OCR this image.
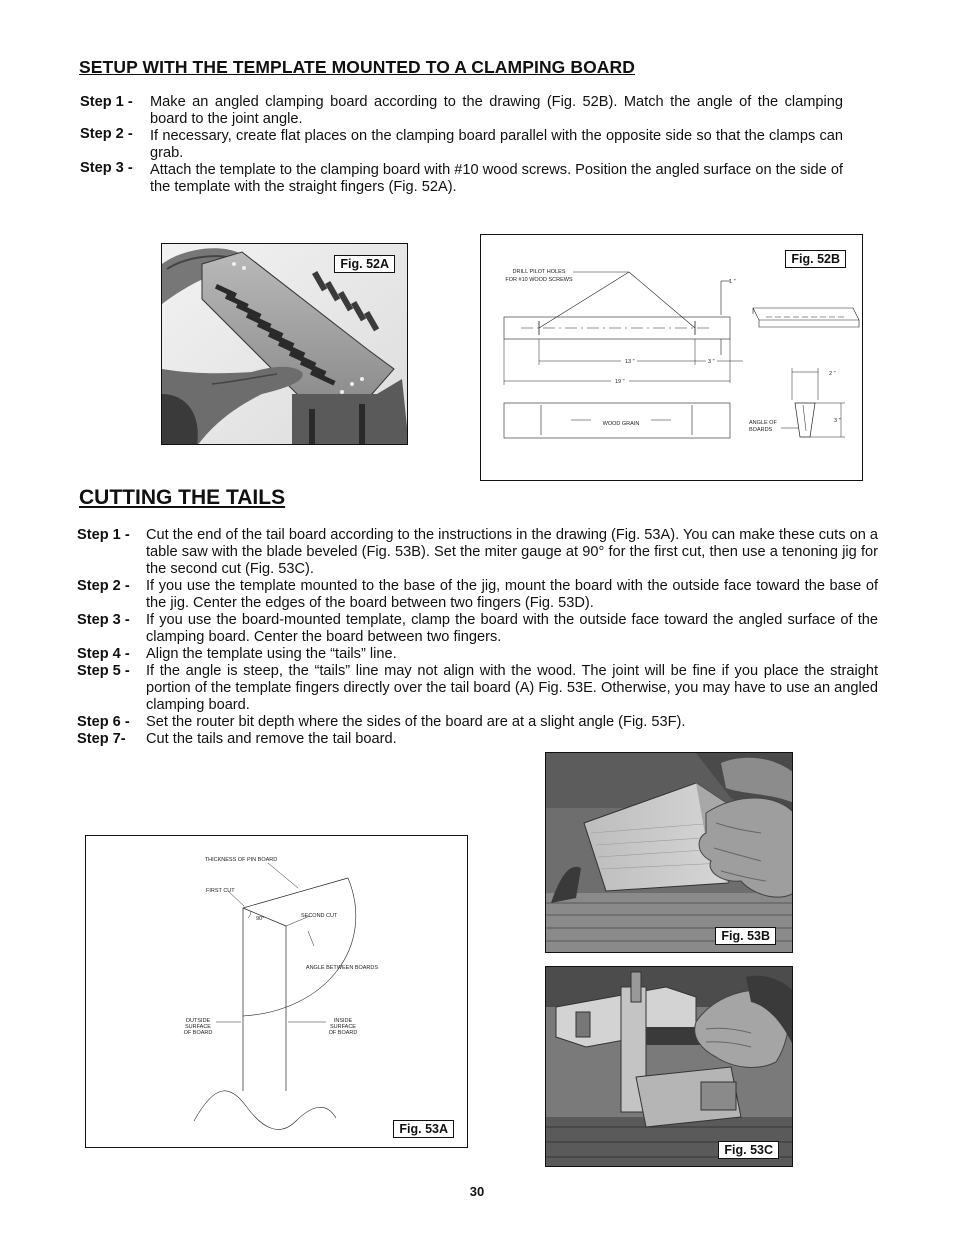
SETUP WITH THE TEMPLATE MOUNTED TO A CLAMPING BOARD
Step 1 - Make an angled clamping board according to the drawing (Fig. 52B). Match the angle of the clamping board to the joint angle.
Step 2 - If necessary, create flat places on the clamping board parallel with the opposite side so that the clamps can grab.
Step 3 - Attach the template to the clamping board with #10 wood screws. Position the angled surface on the side of the template with the straight fingers (Fig. 52A).
Fig. 52A
DRILL PILOT HOLES
FOR #10 WOOD SCREWS	1 "
13 "	3 "
19 "
WOOD GRAIN
2 "
3 "
ANGLE OF
BOARDS
Fig. 52B
CUTTING THE TAILS
Step 1 - Cut the end of the tail board according to the instructions in the drawing (Fig. 53A). You can make these cuts on a table saw with the blade beveled (Fig. 53B). Set the miter gauge at 90° for the first cut, then use a tenoning jig for the second cut (Fig. 53C).
Step 2 - If you use the template mounted to the base of the jig, mount the board with the outside face toward the base of the jig. Center the edges of the board between two fingers (Fig. 53D).
Step 3 - If you use the board-mounted template, clamp the board with the outside face toward the angled surface of the clamping board. Center the board between two fingers.
Step 4 - Align the template using the “tails” line.
Step 5 - If the angle is steep, the “tails” line may not align with the wood. The joint will be fine if you place the straight portion of the template fingers directly over the tail board (A) Fig. 53E. Otherwise, you may have to use an angled clamping board.
Step 6 - Set the router bit depth where the sides of the board are at a slight angle (Fig. 53F).
Step 7- Cut the tails and remove the tail board.
THICKNESS OF PIN BOARD
FIRST CUT
SECOND CUT
90°
ANGLE BETWEEN BOARDS
OUTSIDE
SURFACE
OF BOARD
INSIDE
SURFACE
OF BOARD
Fig. 53A
Fig. 53B
Fig. 53C
30
